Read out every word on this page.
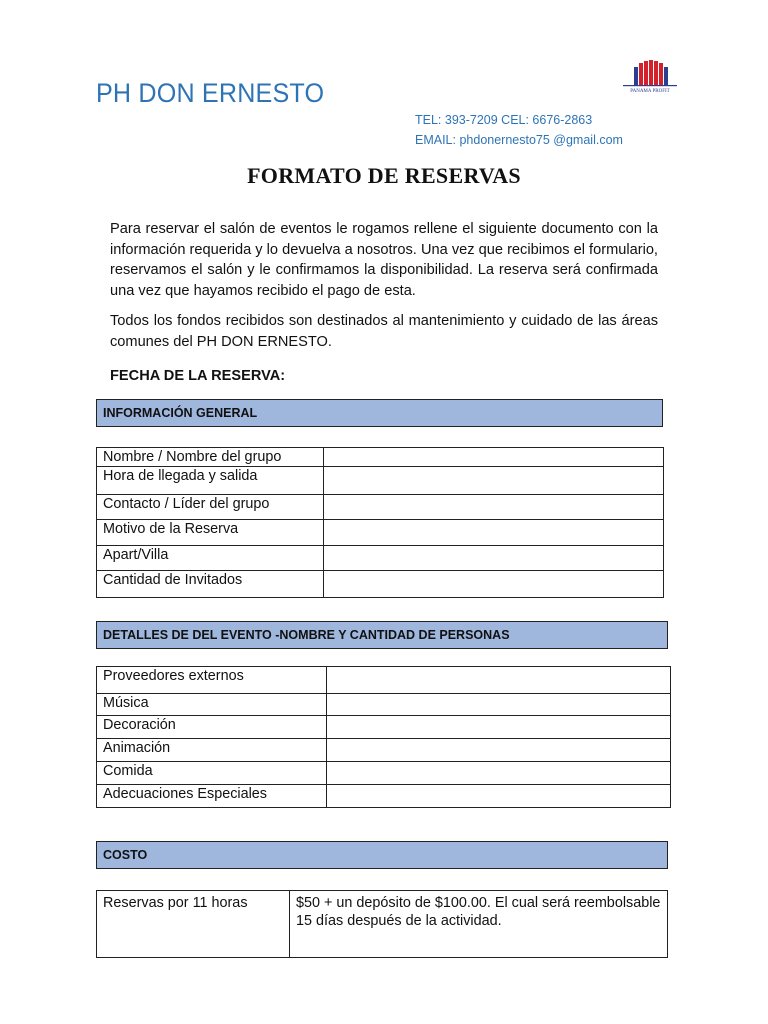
PH DON ERNESTO	PANAMA PROFIT
TEL: 393-7209 CEL: 6676-2863
EMAIL: phdonernesto75 @gmail.com
FORMATO DE RESERVAS
Para reservar el salón de eventos le rogamos rellene el siguiente documento con la información requerida y lo devuelva a nosotros. Una vez que recibimos el formulario, reservamos el salón y le confirmamos la disponibilidad. La reserva será confirmada una vez que hayamos recibido el pago de esta.
Todos los fondos recibidos son destinados al mantenimiento y cuidado de las áreas comunes del PH DON ERNESTO.
FECHA DE LA RESERVA:
INFORMACIÓN GENERAL
Nombre / Nombre del grupo	
Hora de llegada y salida	
Contacto / Líder del grupo	
Motivo de la Reserva	
Apart/Villa	
Cantidad de Invitados	
DETALLES DE DEL EVENTO -NOMBRE Y CANTIDAD DE PERSONAS
Proveedores externos	
Música	
Decoración	
Animación	
Comida	
Adecuaciones Especiales	
COSTO
Reservas por 11 horas	$50 + un depósito de $100.00. El cual será reembolsable 15 días después de la actividad.
